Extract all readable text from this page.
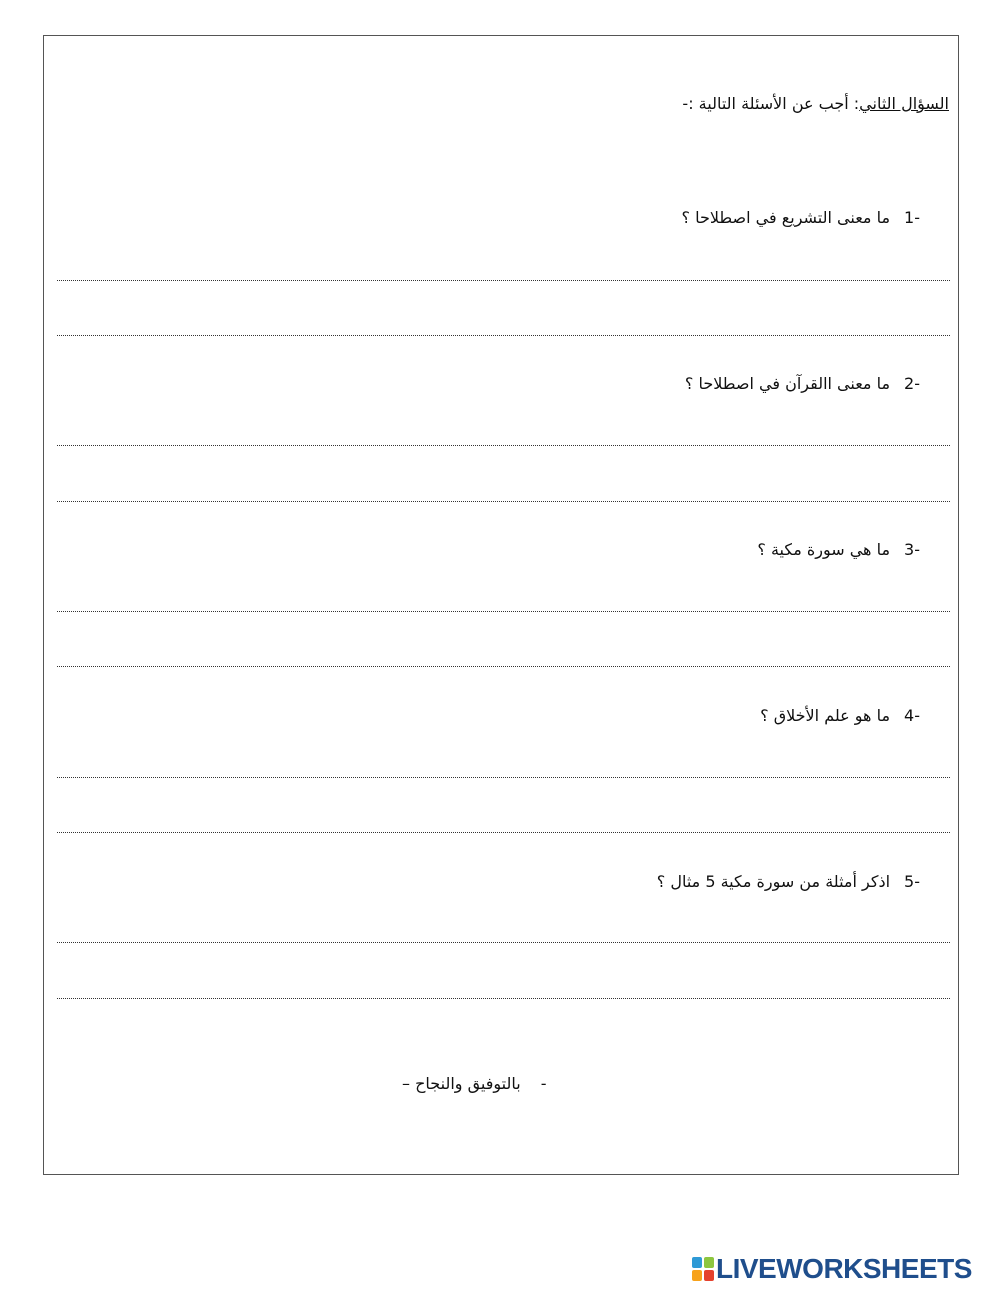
السؤال الثاني: أجب عن الأسئلة التالية :-
-1ما معنى التشريع في اصطلاحا ؟
-2ما معنى االقرآن في اصطلاحا ؟
-3ما هي سورة مكية ؟
-4ما هو علم الأخلاق ؟
-5اذكر أمثلة من سورة مكية 5 مثال ؟
-بالتوفيق والنجاح –
LIVEWORKSHEETS
